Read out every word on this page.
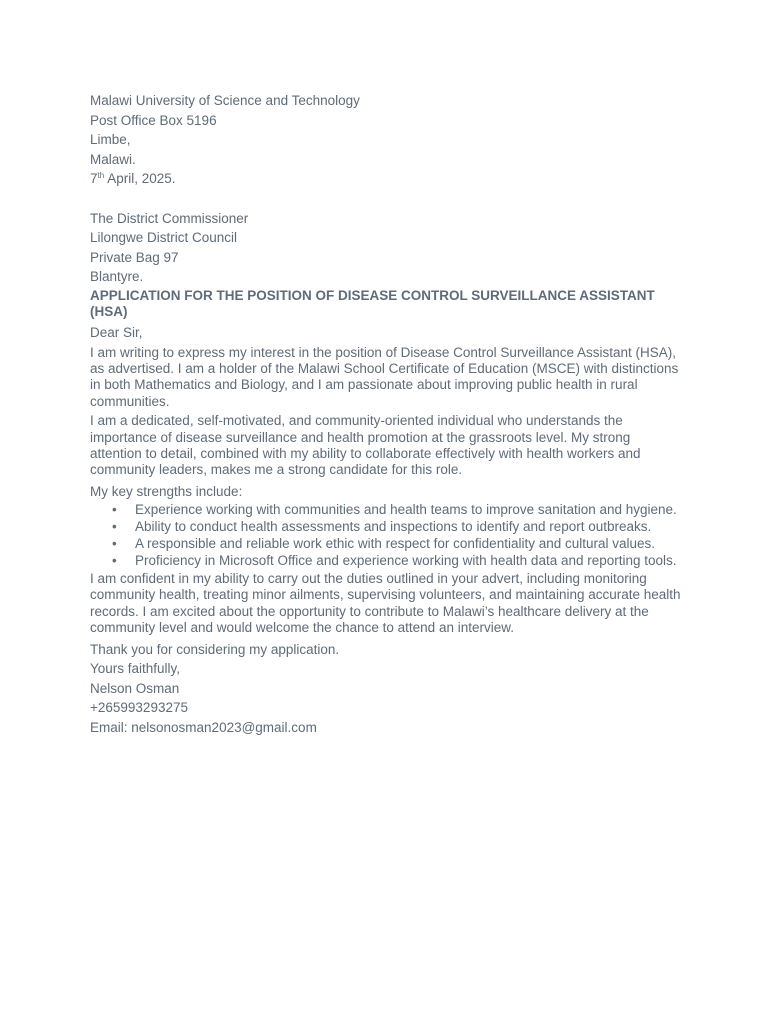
Malawi University of Science and Technology
Post Office Box 5196
Limbe,
Malawi.
7th April, 2025.
The District Commissioner
Lilongwe District Council
Private Bag 97
Blantyre.
APPLICATION FOR THE POSITION OF DISEASE CONTROL SURVEILLANCE ASSISTANT (HSA)
Dear Sir,
I am writing to express my interest in the position of Disease Control Surveillance Assistant (HSA), as advertised. I am a holder of the Malawi School Certificate of Education (MSCE) with distinctions in both Mathematics and Biology, and I am passionate about improving public health in rural communities.
I am a dedicated, self-motivated, and community-oriented individual who understands the importance of disease surveillance and health promotion at the grassroots level. My strong attention to detail, combined with my ability to collaborate effectively with health workers and community leaders, makes me a strong candidate for this role.
My key strengths include:
• Experience working with communities and health teams to improve sanitation and hygiene.
• Ability to conduct health assessments and inspections to identify and report outbreaks.
• A responsible and reliable work ethic with respect for confidentiality and cultural values.
• Proficiency in Microsoft Office and experience working with health data and reporting tools.
I am confident in my ability to carry out the duties outlined in your advert, including monitoring community health, treating minor ailments, supervising volunteers, and maintaining accurate health records. I am excited about the opportunity to contribute to Malawi’s healthcare delivery at the community level and would welcome the chance to attend an interview.
Thank you for considering my application.
Yours faithfully,
Nelson Osman
+265993293275
Email: nelsonosman2023@gmail.com
